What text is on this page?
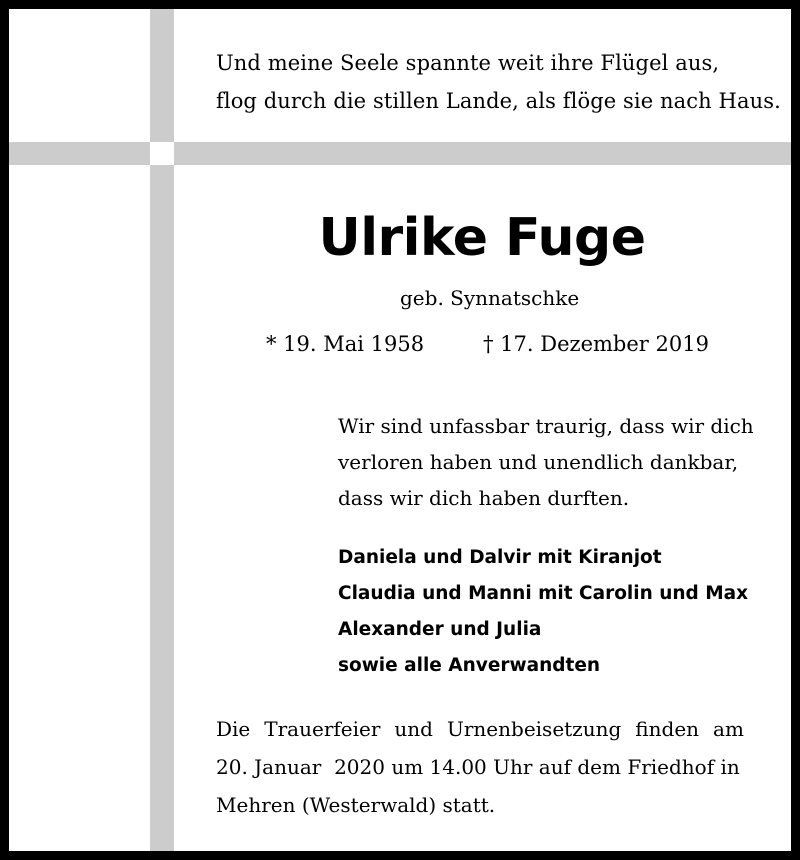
Und meine Seele spannte weit ihre Flügel aus,
flog durch die stillen Lande, als flöge sie nach Haus.
Ulrike Fuge
geb. Synnatschke
* 19. Mai 1958	† 17. Dezember 2019
Wir sind unfassbar traurig, dass wir dich
verloren haben und unendlich dankbar,
dass wir dich haben durften.
Daniela und Dalvir mit Kiranjot
Claudia und Manni mit Carolin und Max
Alexander und Julia
sowie alle Anverwandten
Die Trauerfeier und Urnenbeisetzung finden am
20. Januar  2020 um 14.00 Uhr auf dem Friedhof in
Mehren (Westerwald) statt.
